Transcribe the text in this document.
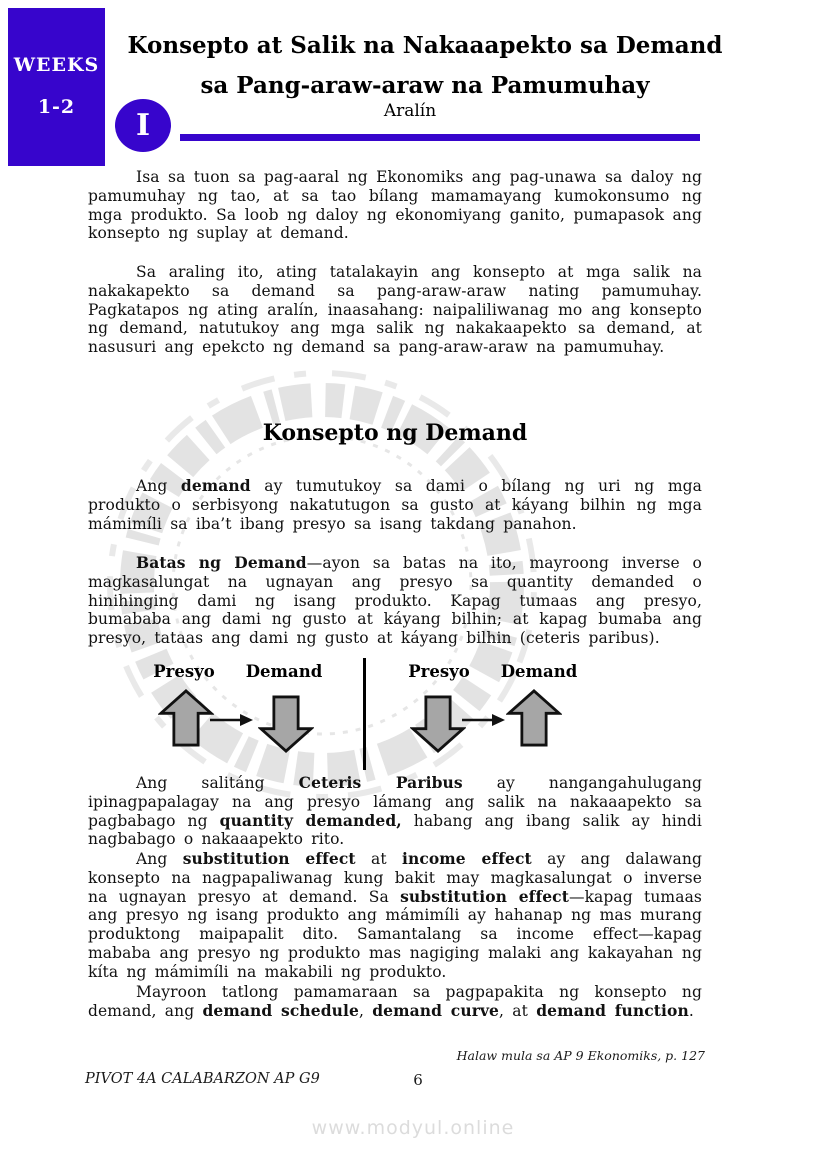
WEEKS
1-2
Konsepto at Salik na Nakaaapekto sa Demand
sa Pang-araw-araw na Pamumuhay
I	Aralín

Isa sa tuon sa pag-aaral ng Ekonomiks ang pag-unawa sa daloy ng pamumuhay ng tao, at sa tao bílang mamamayang kumokonsumo ng mga produkto. Sa loob ng daloy ng ekonomiyang ganito, pumapasok ang konsepto ng suplay at demand.

Sa araling ito, ating tatalakayin ang konsepto at mga salik na nakakapekto sa demand sa pang-araw-araw nating pamumuhay. Pagkatapos ng ating aralín, inaasahang: naipaliliwanag mo ang konsepto ng demand, natutukoy ang mga salik ng nakakaapekto sa demand, at nasusuri ang epekcto ng demand sa pang-araw-araw na pamumuhay.

Konsepto ng Demand

Ang demand ay tumutukoy sa dami o bílang ng uri ng mga produkto o serbisyong nakatutugon sa gusto at káyang bilhin ng mga mámimíli sa iba’t ibang presyo sa isang takdang panahon.

Batas ng Demand—ayon sa batas na ito, mayroong inverse o magkasalungat na ugnayan ang presyo sa quantity demanded o hinihinging dami ng isang produkto. Kapag tumaas ang presyo, bumababa ang dami ng gusto at káyang bilhin; at kapag bumaba ang presyo, tataas ang dami ng gusto at káyang bilhin (ceteris paribus).

Presyo	Demand	Presyo Demand

Ang salitáng Ceteris Paribus ay nangangahulugang ipinagpapalagay na ang presyo lámang ang salik na nakaaapekto sa pagbabago ng quantity demanded, habang ang ibang salik ay hindi nagbabago o nakaaapekto rito.

Ang substitution effect at income effect ay ang dalawang konsepto na nagpapaliwanag kung bakit may magkasalungat o inverse na ugnayan presyo at demand. Sa substitution effect—kapag tumaas ang presyo ng isang produkto ang mámimíli ay hahanap ng mas murang produktong maipapalit dito. Samantalang sa income effect—kapag mababa ang presyo ng produkto mas nagiging malaki ang kakayahan ng kíta ng mámimíli na makabili ng produkto.

Mayroon tatlong pamamaraan sa pagpapakita ng konsepto ng demand, ang demand schedule, demand curve, at demand function.

Halaw mula sa AP 9 Ekonomiks, p. 127

PIVOT 4A CALABARZON AP G9	6

www.modyul.online
